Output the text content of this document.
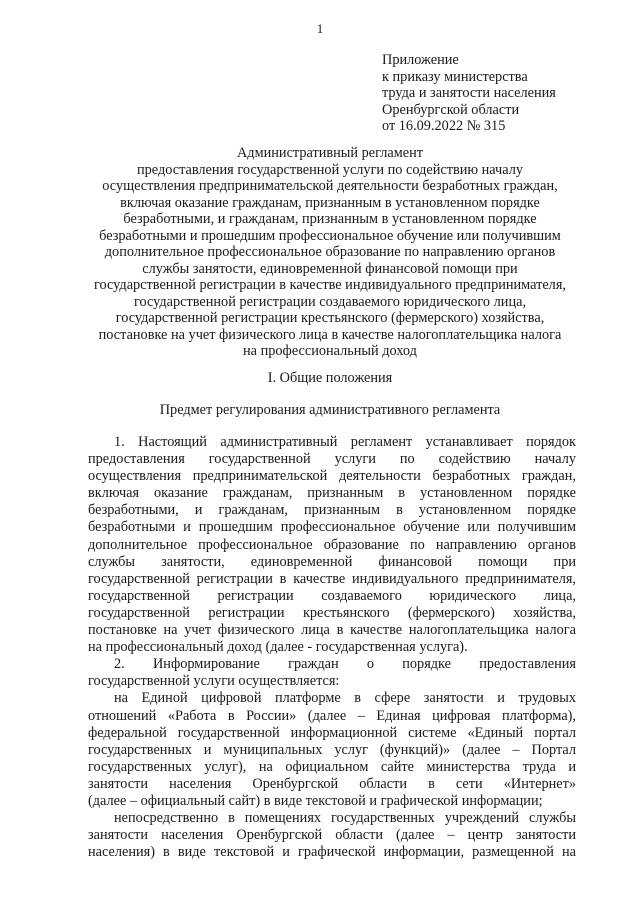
1
Приложение
к приказу министерства
труда и занятости населения
Оренбургской области
от 16.09.2022 № 315
Административный регламент
предоставления государственной услуги по содействию началу
осуществления предпринимательской деятельности безработных граждан,
включая оказание гражданам, признанным в установленном порядке
безработными, и гражданам, признанным в установленном порядке
безработными и прошедшим профессиональное обучение или получившим
дополнительное профессиональное образование по направлению органов
службы занятости, единовременной финансовой помощи при
государственной регистрации в качестве индивидуального предпринимателя,
государственной регистрации создаваемого юридического лица,
государственной регистрации крестьянского (фермерского) хозяйства,
постановке на учет физического лица в качестве налогоплательщика налога
на профессиональный доход
I. Общие положения
Предмет регулирования административного регламента
1. Настоящий административный регламент устанавливает порядок
предоставления государственной услуги по содействию началу
осуществления предпринимательской деятельности безработных граждан,
включая оказание гражданам, признанным в установленном порядке
безработными, и гражданам, признанным в установленном порядке
безработными и прошедшим профессиональное обучение или получившим
дополнительное профессиональное образование по направлению органов
службы занятости, единовременной финансовой помощи при
государственной регистрации в качестве индивидуального предпринимателя,
государственной регистрации создаваемого юридического лица,
государственной регистрации крестьянского (фермерского) хозяйства,
постановке на учет физического лица в качестве налогоплательщика налога
на профессиональный доход (далее - государственная услуга).
2. Информирование граждан о порядке предоставления
государственной услуги осуществляется:
на Единой цифровой платформе в сфере занятости и трудовых
отношений «Работа в России» (далее – Единая цифровая платформа),
федеральной государственной информационной системе «Единый портал
государственных и муниципальных услуг (функций)» (далее – Портал
государственных услуг), на официальном сайте министерства труда и
занятости населения Оренбургской области в сети «Интернет»
(далее – официальный сайт) в виде текстовой и графической информации;
непосредственно в помещениях государственных учреждений службы
занятости населения Оренбургской области (далее – центр занятости
населения) в виде текстовой и графической информации, размещенной на
